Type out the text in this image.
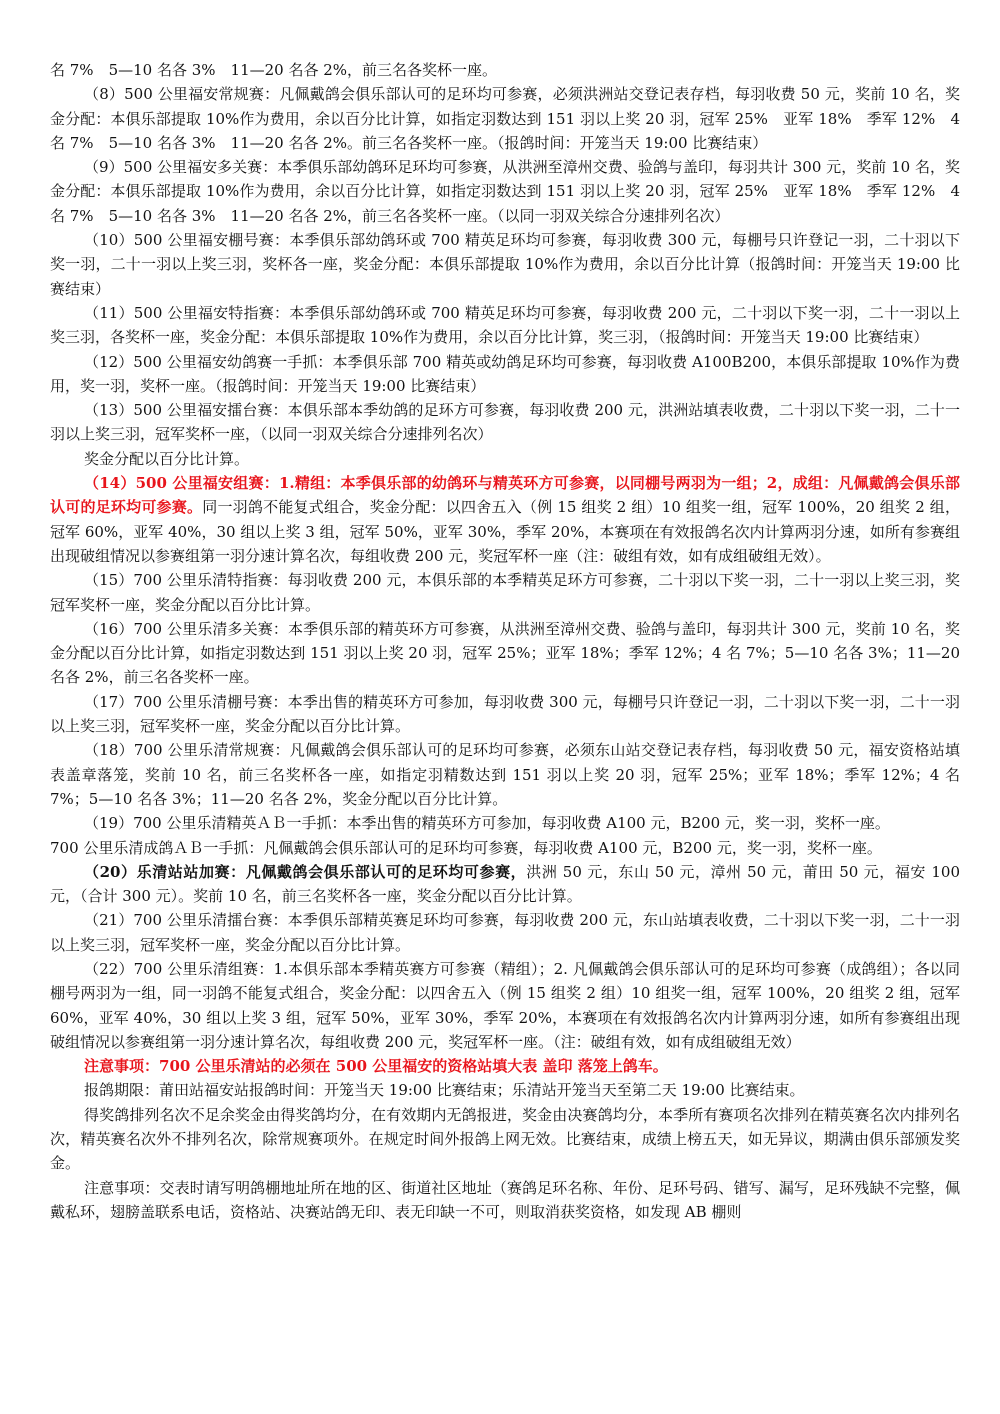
名 7%　5—10 名各 3%　11—20 名各 2%，前三名各奖杯一座。

（8）500 公里福安常规赛：凡佩戴鸽会俱乐部认可的足环均可参赛，必须洪洲站交登记表存档，每羽收费 50 元，奖前 10 名，奖金分配：本俱乐部提取 10%作为费用，余以百分比计算，如指定羽数达到 151 羽以上奖 20 羽，冠军 25%　亚军 18%　季军 12%　4 名 7%　5—10 名各 3%　11—20 名各 2%。前三名各奖杯一座。（报鸽时间：开笼当天 19:00 比赛结束）

（9）500 公里福安多关赛：本季俱乐部幼鸽环足环均可参赛，从洪洲至漳州交费、验鸽与盖印，每羽共计 300 元，奖前 10 名，奖金分配：本俱乐部提取 10%作为费用，余以百分比计算，如指定羽数达到 151 羽以上奖 20 羽，冠军 25%　亚军 18%　季军 12%　4 名 7%　5—10 名各 3%　11—20 名各 2%，前三名各奖杯一座。（以同一羽双关综合分速排列名次）

（10）500 公里福安棚号赛：本季俱乐部幼鸽环或 700 精英足环均可参赛，每羽收费 300 元，每棚号只许登记一羽，二十羽以下奖一羽，二十一羽以上奖三羽，奖杯各一座，奖金分配：本俱乐部提取 10%作为费用，余以百分比计算（报鸽时间：开笼当天 19:00 比赛结束）

（11）500 公里福安特指赛：本季俱乐部幼鸽环或 700 精英足环均可参赛，每羽收费 200 元，二十羽以下奖一羽，二十一羽以上奖三羽，各奖杯一座，奖金分配：本俱乐部提取 10%作为费用，余以百分比计算，奖三羽，（报鸽时间：开笼当天 19:00 比赛结束）

（12）500 公里福安幼鸽赛一手抓：本季俱乐部 700 精英或幼鸽足环均可参赛，每羽收费 A100B200，本俱乐部提取 10%作为费用，奖一羽，奖杯一座。（报鸽时间：开笼当天 19:00 比赛结束）

（13）500 公里福安擂台赛：本俱乐部本季幼鸽的足环方可参赛，每羽收费 200 元，洪洲站填表收费，二十羽以下奖一羽，二十一羽以上奖三羽，冠军奖杯一座，（以同一羽双关综合分速排列名次）

奖金分配以百分比计算。

（14）500 公里福安组赛：1.精组：本季俱乐部的幼鸽环与精英环方可参赛，以同棚号两羽为一组；2，成组：凡佩戴鸽会俱乐部认可的足环均可参赛。同一羽鸽不能复式组合，奖金分配：以四舍五入（例 15 组奖 2 组）10 组奖一组，冠军 100%，20 组奖 2 组，冠军 60%，亚军 40%，30 组以上奖 3 组，冠军 50%，亚军 30%，季军 20%，本赛项在有效报鸽名次内计算两羽分速，如所有参赛组出现破组情况以参赛组第一羽分速计算名次，每组收费 200 元，奖冠军杯一座（注：破组有效，如有成组破组无效）。

（15）700 公里乐清特指赛：每羽收费 200 元，本俱乐部的本季精英足环方可参赛，二十羽以下奖一羽，二十一羽以上奖三羽，奖冠军奖杯一座，奖金分配以百分比计算。

（16）700 公里乐清多关赛：本季俱乐部的精英环方可参赛，从洪洲至漳州交费、验鸽与盖印，每羽共计 300 元，奖前 10 名，奖金分配以百分比计算，如指定羽数达到 151 羽以上奖 20 羽，冠军 25%；亚军 18%；季军 12%；4 名 7%；5—10 名各 3%；11—20 名各 2%，前三名各奖杯一座。

（17）700 公里乐清棚号赛：本季出售的精英环方可参加，每羽收费 300 元，每棚号只许登记一羽，二十羽以下奖一羽，二十一羽以上奖三羽，冠军奖杯一座，奖金分配以百分比计算。

（18）700 公里乐清常规赛：凡佩戴鸽会俱乐部认可的足环均可参赛，必须东山站交登记表存档，每羽收费 50 元，福安资格站填表盖章落笼，奖前 10 名，前三名奖杯各一座，如指定羽精数达到 151 羽以上奖 20 羽，冠军 25%；亚军 18%；季军 12%；4 名 7%；5—10 名各 3%；11—20 名各 2%，奖金分配以百分比计算。

（19）700 公里乐清精英ＡＢ一手抓：本季出售的精英环方可参加，每羽收费 A100 元，B200 元，奖一羽，奖杯一座。

700 公里乐清成鸽ＡＢ一手抓：凡佩戴鸽会俱乐部认可的足环均可参赛，每羽收费 A100 元，B200 元，奖一羽，奖杯一座。

（20）乐清站站加赛：凡佩戴鸽会俱乐部认可的足环均可参赛，洪洲 50 元，东山 50 元，漳州 50 元，莆田 50 元，福安 100 元，（合计 300 元）。奖前 10 名，前三名奖杯各一座，奖金分配以百分比计算。

（21）700 公里乐清擂台赛：本季俱乐部精英赛足环均可参赛，每羽收费 200 元，东山站填表收费，二十羽以下奖一羽，二十一羽以上奖三羽，冠军奖杯一座，奖金分配以百分比计算。

（22）700 公里乐清组赛：1.本俱乐部本季精英赛方可参赛（精组）；2. 凡佩戴鸽会俱乐部认可的足环均可参赛（成鸽组）；各以同棚号两羽为一组，同一羽鸽不能复式组合，奖金分配：以四舍五入（例 15 组奖 2 组）10 组奖一组，冠军 100%，20 组奖 2 组，冠军 60%，亚军 40%，30 组以上奖 3 组，冠军 50%，亚军 30%，季军 20%，本赛项在有效报鸽名次内计算两羽分速，如所有参赛组出现破组情况以参赛组第一羽分速计算名次，每组收费 200 元，奖冠军杯一座。（注：破组有效，如有成组破组无效）

注意事项：700 公里乐清站的必须在 500 公里福安的资格站填大表 盖印 落笼上鸽车。

报鸽期限：莆田站福安站报鸽时间：开笼当天 19:00 比赛结束；乐清站开笼当天至第二天 19:00 比赛结束。

得奖鸽排列名次不足余奖金由得奖鸽均分，在有效期内无鸽报进，奖金由决赛鸽均分，本季所有赛项名次排列在精英赛名次内排列名次，精英赛名次外不排列名次，除常规赛项外。在规定时间外报鸽上网无效。比赛结束，成绩上榜五天，如无异议，期满由俱乐部颁发奖金。

注意事项：交表时请写明鸽棚地址所在地的区、街道社区地址（赛鸽足环名称、年份、足环号码、错写、漏写，足环残缺不完整，佩戴私环，翅膀盖联系电话，资格站、决赛站鸽无印、表无印缺一不可，则取消获奖资格，如发现 AB 棚则
